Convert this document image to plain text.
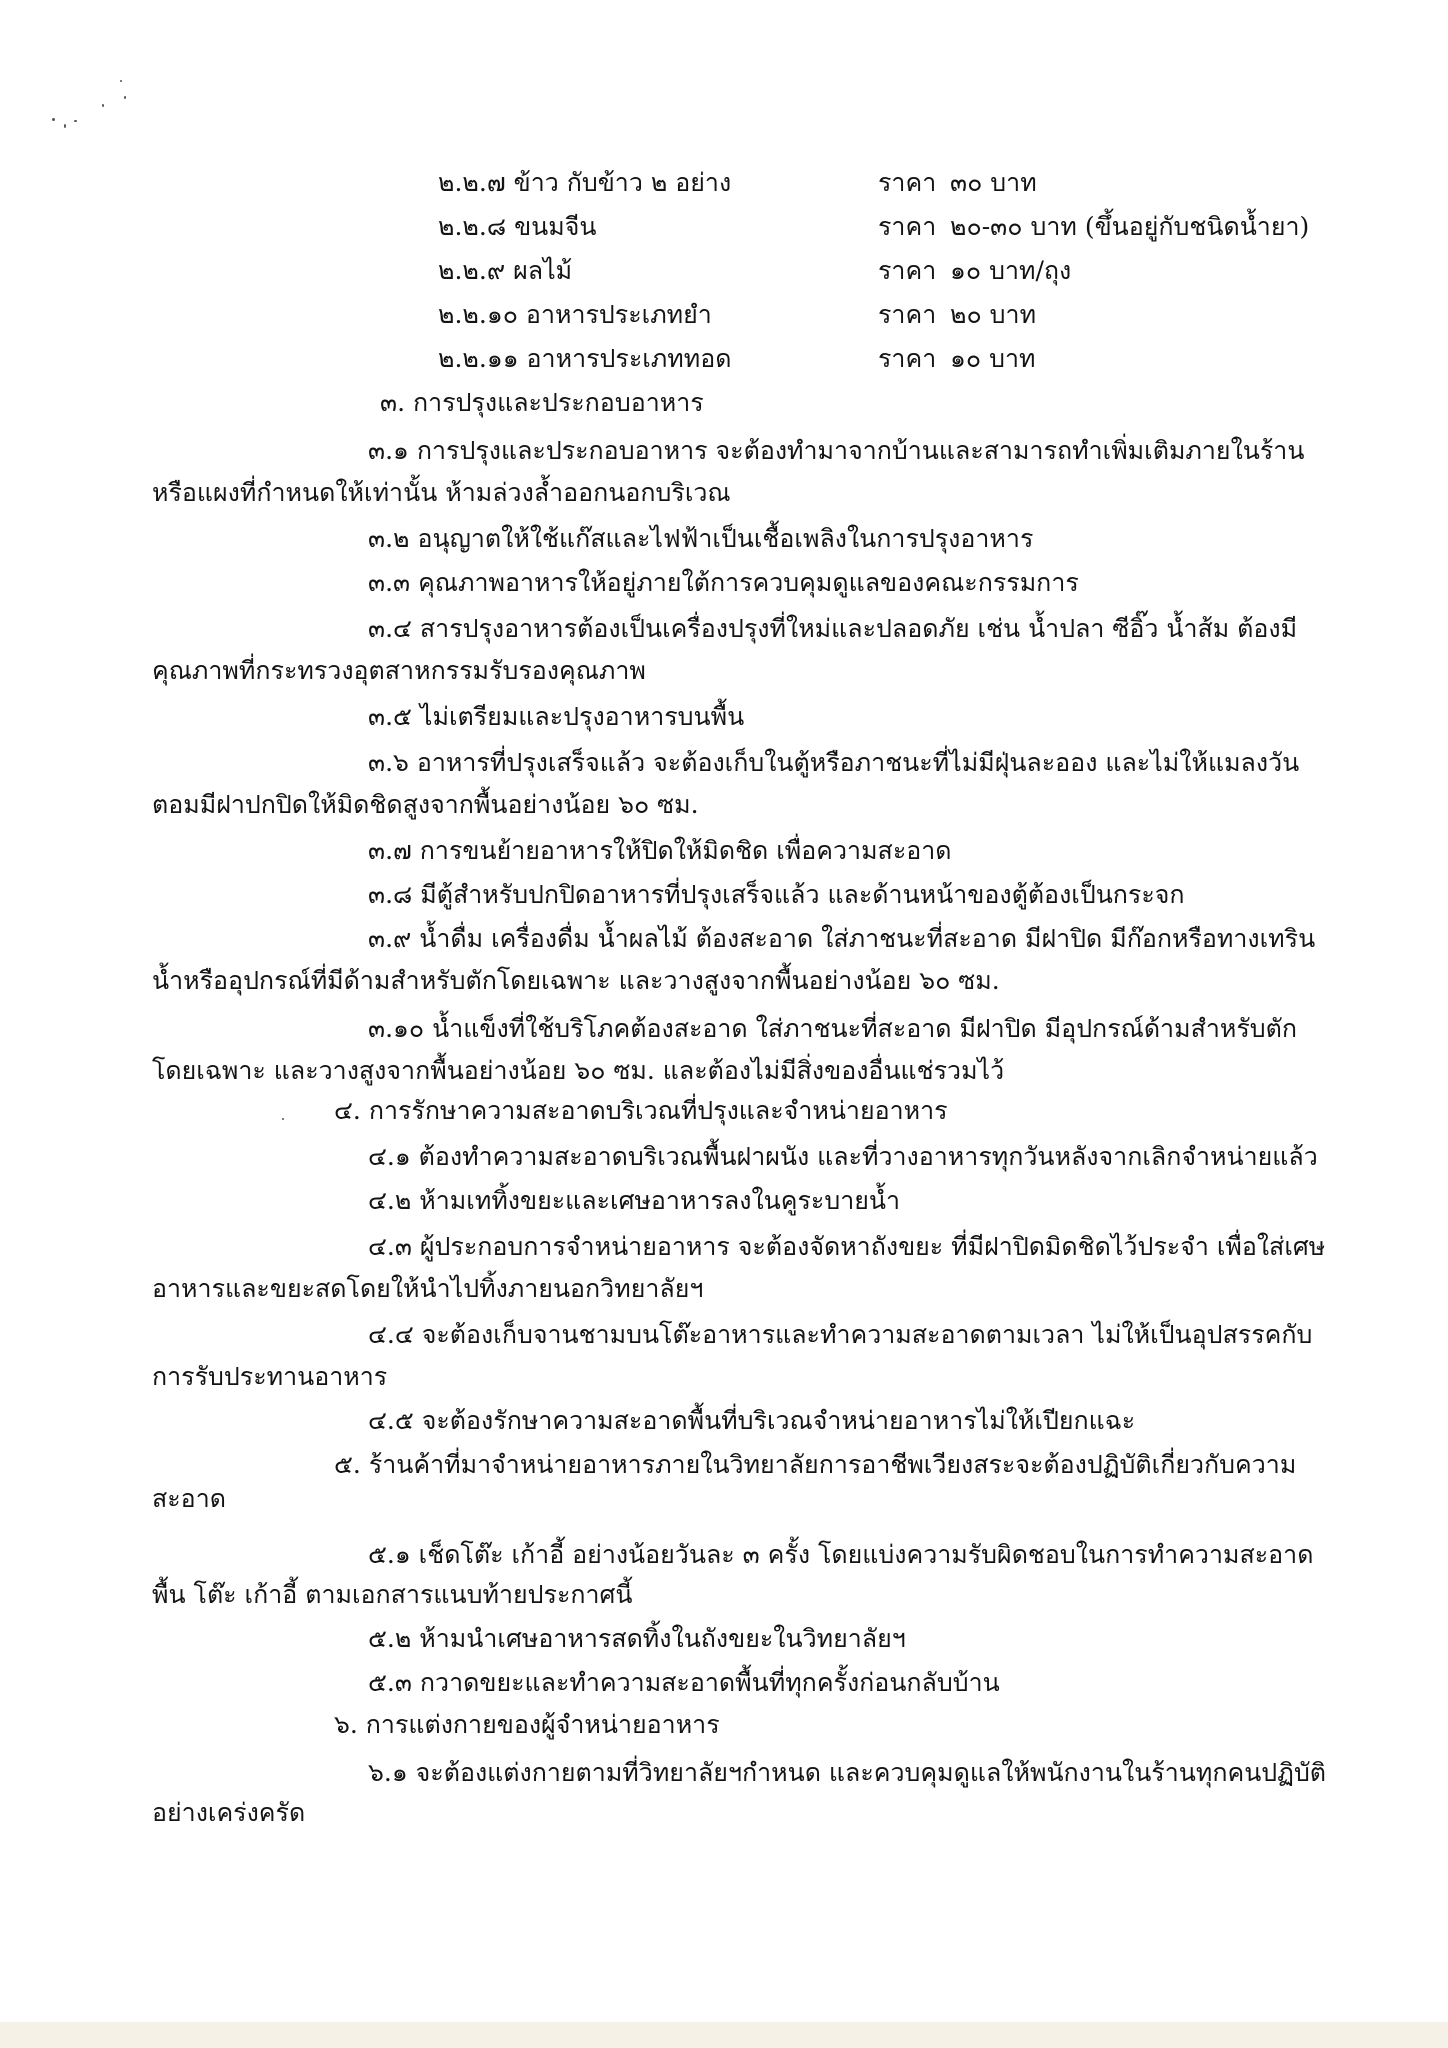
๒.๒.๗ ข้าว กับข้าว ๒ อย่าง	ราคา ๓๐ บาท
๒.๒.๘ ขนมจีน	ราคา ๒๐-๓๐ บาท (ขึ้นอยู่กับชนิดน้ำยา)
๒.๒.๙ ผลไม้	ราคา ๑๐ บาท/ถุง
๒.๒.๑๐ อาหารประเภทยำ	ราคา ๒๐ บาท
๒.๒.๑๑ อาหารประเภททอด	ราคา ๑๐ บาท
๓. การปรุงและประกอบอาหาร
๓.๑ การปรุงและประกอบอาหาร จะต้องทำมาจากบ้านและสามารถทำเพิ่มเติมภายในร้าน
หรือแผงที่กำหนดให้เท่านั้น ห้ามล่วงล้ำออกนอกบริเวณ
๓.๒ อนุญาตให้ใช้แก๊สและไฟฟ้าเป็นเชื้อเพลิงในการปรุงอาหาร
๓.๓ คุณภาพอาหารให้อยู่ภายใต้การควบคุมดูแลของคณะกรรมการ
๓.๔ สารปรุงอาหารต้องเป็นเครื่องปรุงที่ใหม่และปลอดภัย เช่น น้ำปลา ซีอิ๊ว น้ำส้ม ต้องมี
คุณภาพที่กระทรวงอุตสาหกรรมรับรองคุณภาพ
๓.๕ ไม่เตรียมและปรุงอาหารบนพื้น
๓.๖ อาหารที่ปรุงเสร็จแล้ว จะต้องเก็บในตู้หรือภาชนะที่ไม่มีฝุ่นละออง และไม่ให้แมลงวัน
ตอมมีฝาปกปิดให้มิดชิดสูงจากพื้นอย่างน้อย ๖๐ ซม.
๓.๗ การขนย้ายอาหารให้ปิดให้มิดชิด เพื่อความสะอาด
๓.๘ มีตู้สำหรับปกปิดอาหารที่ปรุงเสร็จแล้ว และด้านหน้าของตู้ต้องเป็นกระจก
๓.๙ น้ำดื่ม เครื่องดื่ม น้ำผลไม้ ต้องสะอาด ใส่ภาชนะที่สะอาด มีฝาปิด มีก๊อกหรือทางเทริน
น้ำหรืออุปกรณ์ที่มีด้ามสำหรับตักโดยเฉพาะ และวางสูงจากพื้นอย่างน้อย ๖๐ ซม.
๓.๑๐ น้ำแข็งที่ใช้บริโภคต้องสะอาด ใส่ภาชนะที่สะอาด มีฝาปิด มีอุปกรณ์ด้ามสำหรับตัก
โดยเฉพาะ และวางสูงจากพื้นอย่างน้อย ๖๐ ซม. และต้องไม่มีสิ่งของอื่นแช่รวมไว้
๔. การรักษาความสะอาดบริเวณที่ปรุงและจำหน่ายอาหาร
๔.๑ ต้องทำความสะอาดบริเวณพื้นฝาผนัง และที่วางอาหารทุกวันหลังจากเลิกจำหน่ายแล้ว
๔.๒ ห้ามเททิ้งขยะและเศษอาหารลงในคูระบายน้ำ
๔.๓ ผู้ประกอบการจำหน่ายอาหาร จะต้องจัดหาถังขยะ ที่มีฝาปิดมิดชิดไว้ประจำ เพื่อใส่เศษ
อาหารและขยะสดโดยให้นำไปทิ้งภายนอกวิทยาลัยฯ
๔.๔ จะต้องเก็บจานชามบนโต๊ะอาหารและทำความสะอาดตามเวลา ไม่ให้เป็นอุปสรรคกับ
การรับประทานอาหาร
๔.๕ จะต้องรักษาความสะอาดพื้นที่บริเวณจำหน่ายอาหารไม่ให้เปียกแฉะ
๕. ร้านค้าที่มาจำหน่ายอาหารภายในวิทยาลัยการอาชีพเวียงสระจะต้องปฏิบัติเกี่ยวกับความ
สะอาด
๕.๑ เช็ดโต๊ะ เก้าอี้ อย่างน้อยวันละ ๓ ครั้ง โดยแบ่งความรับผิดชอบในการทำความสะอาด
พื้น โต๊ะ เก้าอี้ ตามเอกสารแนบท้ายประกาศนี้
๕.๒ ห้ามนำเศษอาหารสดทิ้งในถังขยะในวิทยาลัยฯ
๕.๓ กวาดขยะและทำความสะอาดพื้นที่ทุกครั้งก่อนกลับบ้าน
๖. การแต่งกายของผู้จำหน่ายอาหาร
๖.๑ จะต้องแต่งกายตามที่วิทยาลัยฯกำหนด และควบคุมดูแลให้พนักงานในร้านทุกคนปฏิบัติ
อย่างเคร่งครัด
